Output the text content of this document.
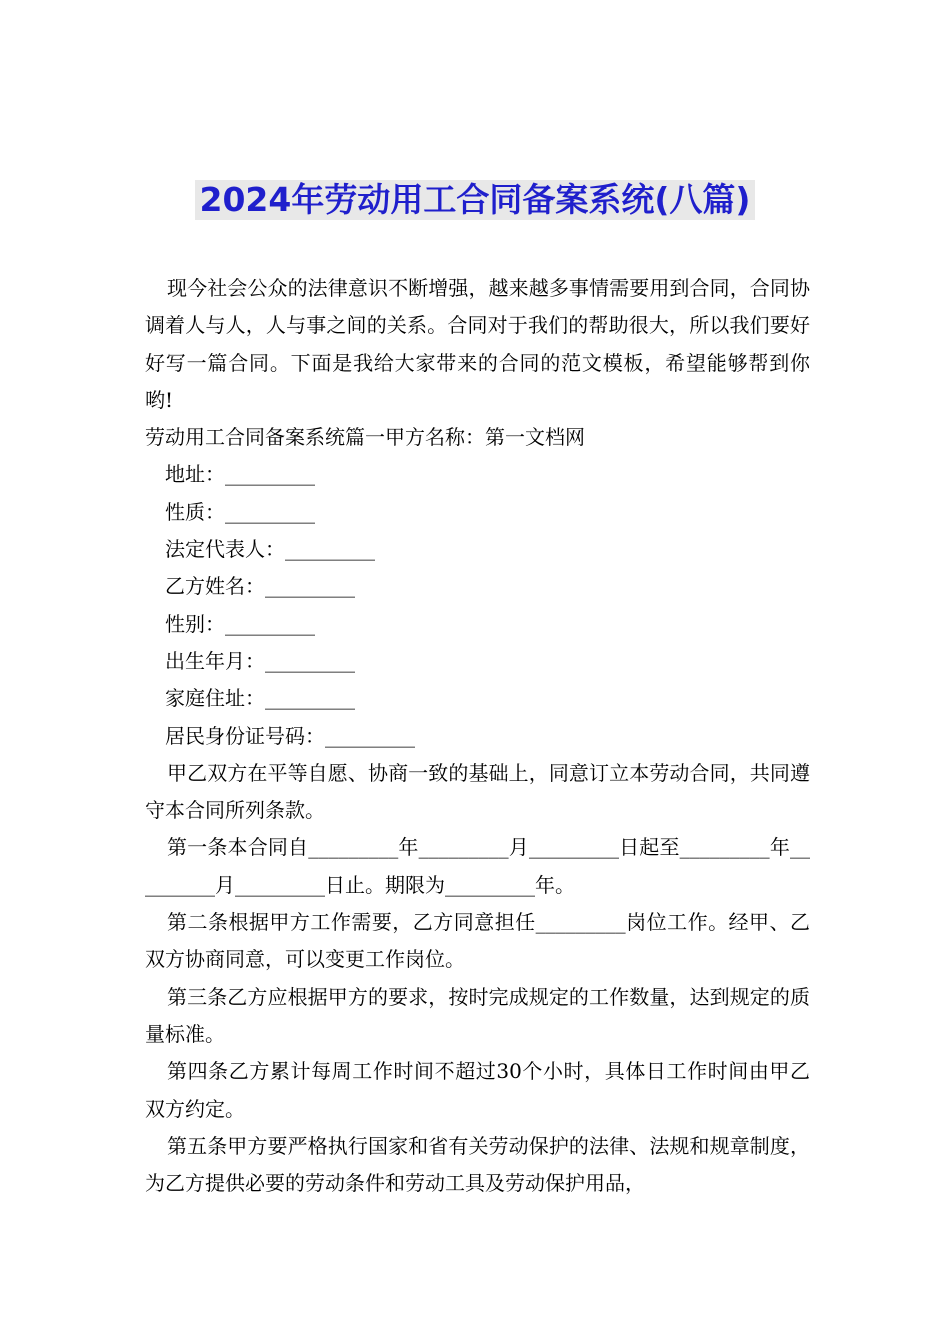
2024年劳动用工合同备案系统(八篇)

现今社会公众的法律意识不断增强，越来越多事情需要用到合同，合同协调着人与人，人与事之间的关系。合同对于我们的帮助很大，所以我们要好好写一篇合同。下面是我给大家带来的合同的范文模板，希望能够帮到你哟!

劳动用工合同备案系统篇一甲方名称：第一文档网

地址：_________

性质：_________

法定代表人：_________

乙方姓名：_________

性别：_________

出生年月：_________

家庭住址：_________

居民身份证号码：_________

甲乙双方在平等自愿、协商一致的基础上，同意订立本劳动合同，共同遵守本合同所列条款。

第一条本合同自_________年_________月_________日起至_________年_________月_________日止。期限为_________年。

第二条根据甲方工作需要，乙方同意担任_________岗位工作。经甲、乙双方协商同意，可以变更工作岗位。

第三条乙方应根据甲方的要求，按时完成规定的工作数量，达到规定的质量标准。

第四条乙方累计每周工作时间不超过30个小时，具体日工作时间由甲乙双方约定。

第五条甲方要严格执行国家和省有关劳动保护的法律、法规和规章制度，为乙方提供必要的劳动条件和劳动工具及劳动保护用品，
